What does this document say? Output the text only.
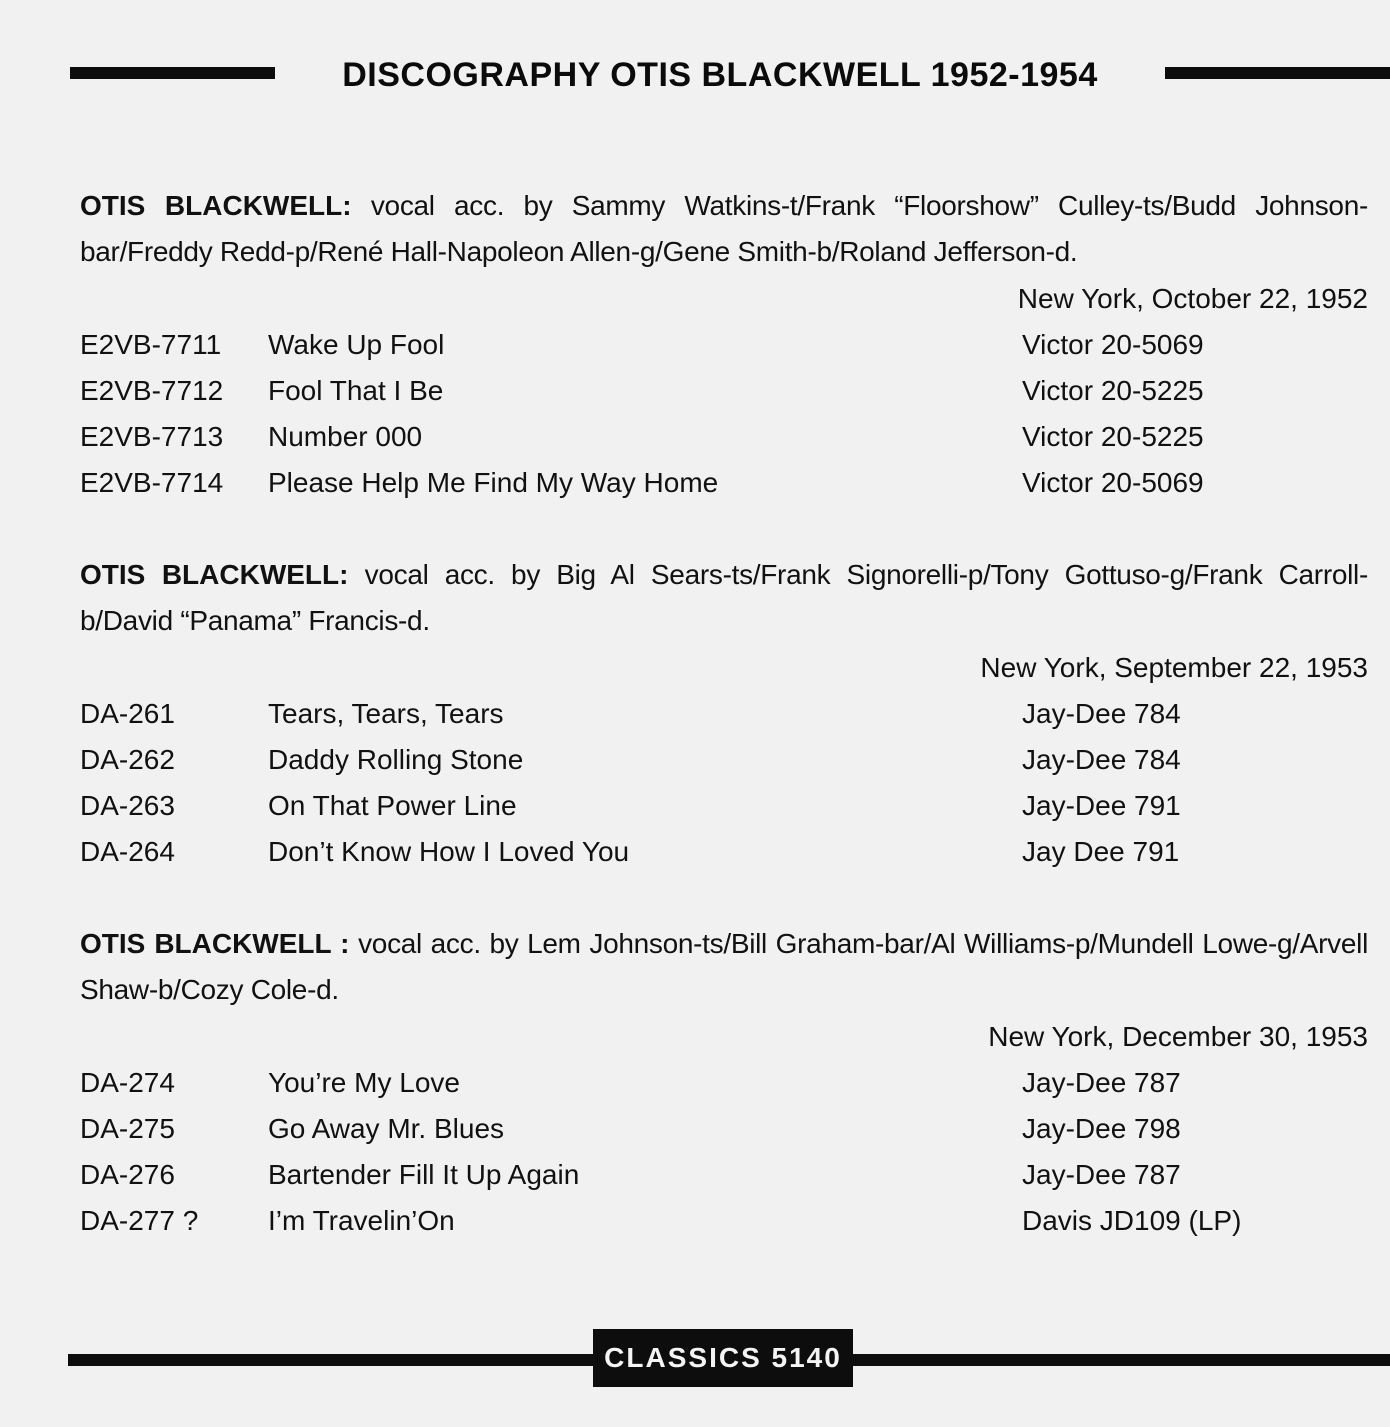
DISCOGRAPHY OTIS BLACKWELL 1952-1954
OTIS BLACKWELL: vocal acc. by Sammy Watkins-t/Frank “Floorshow” Culley-ts/Budd Johnson-bar/Freddy Redd-p/René Hall-Napoleon Allen-g/Gene Smith-b/Roland Jefferson-d.
New York, October 22, 1952
E2VB-7711 Wake Up Fool	Victor 20-5069
E2VB-7712 Fool That I Be	Victor 20-5225
E2VB-7713 Number 000	Victor 20-5225
E2VB-7714 Please Help Me Find My Way Home	Victor 20-5069
OTIS BLACKWELL: vocal acc. by Big Al Sears-ts/Frank Signorelli-p/Tony Gottuso-g/Frank Carroll-b/David “Panama” Francis-d.
New York, September 22, 1953
DA-261	Tears, Tears, Tears	Jay-Dee 784
DA-262	Daddy Rolling Stone	Jay-Dee 784
DA-263	On That Power Line	Jay-Dee 791
DA-264	Don’t Know How I Loved You	Jay Dee 791
OTIS BLACKWELL : vocal acc. by Lem Johnson-ts/Bill Graham-bar/Al Williams-p/Mundell Lowe-g/Arvell Shaw-b/Cozy Cole-d.
New York, December 30, 1953
DA-274	You’re My Love	Jay-Dee 787
DA-275	Go Away Mr. Blues	Jay-Dee 798
DA-276	Bartender Fill It Up Again	Jay-Dee 787
DA-277 ? I’m Travelin’On	Davis JD109 (LP)
CLASSICS 5140
